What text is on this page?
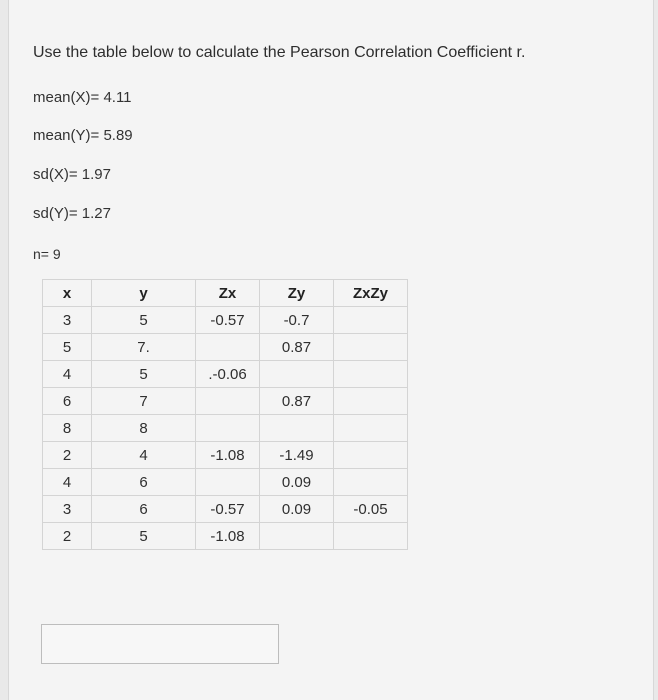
Use the table below to calculate the Pearson Correlation Coefficient r.

mean(X)= 4.11

mean(Y)= 5.89

sd(X)= 1.97

sd(Y)= 1.27

n= 9

x	y	Zx	Zy	ZxZy
3	5	-0.57	-0.7	
5	7.		0.87	
4	5	.-0.06		
6	7		0.87	
8	8			
2	4	-1.08	-1.49	
4	6		0.09	
3	6	-0.57	0.09	-0.05
2	5	-1.08		
